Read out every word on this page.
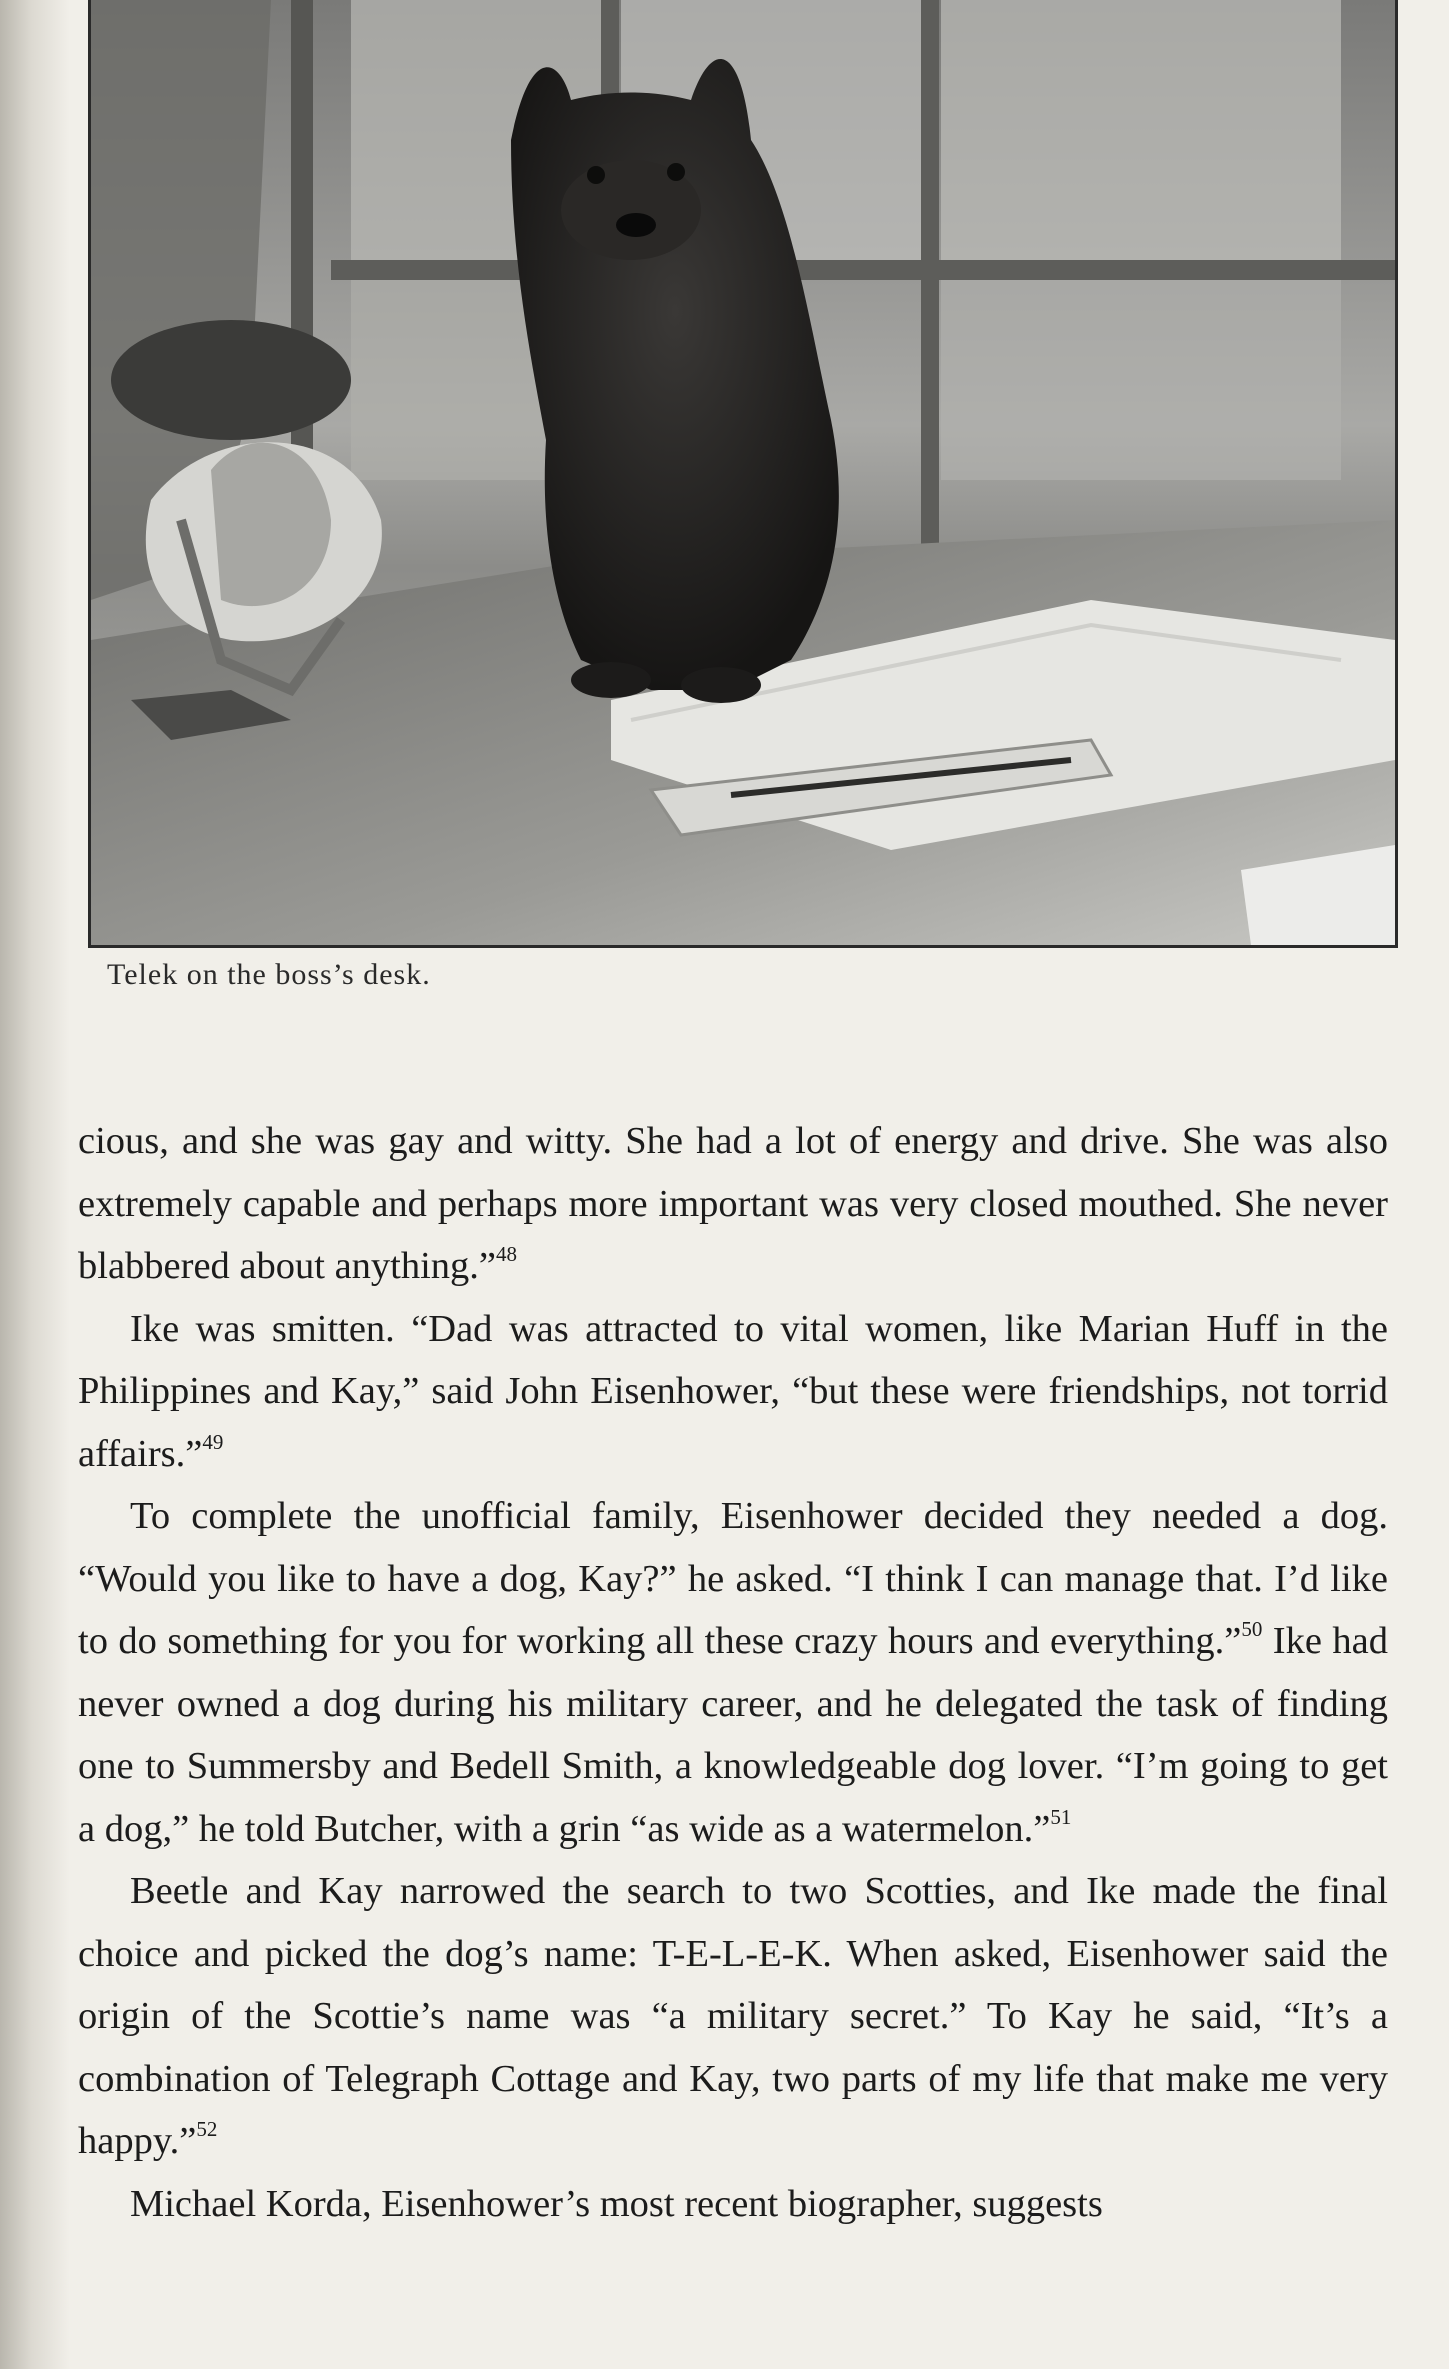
Telek on the boss’s desk.

cious, and she was gay and witty. She had a lot of energy and drive. She was also extremely capable and perhaps more important was very closed mouthed. She never blabbered about anything.”$^{48}$

Ike was smitten. “Dad was attracted to vital women, like Marian Huff in the Philippines and Kay,” said John Eisenhower, “but these were friendships, not torrid affairs.”$^{49}$

To complete the unofficial family, Eisenhower decided they needed a dog. “Would you like to have a dog, Kay?” he asked. “I think I can manage that. I’d like to do something for you for working all these crazy hours and everything.”$^{50}$ Ike had never owned a dog during his military career, and he delegated the task of finding one to Summersby and Bedell Smith, a knowledgeable dog lover. “I’m going to get a dog,” he told Butcher, with a grin “as wide as a watermelon.”$^{51}$

Beetle and Kay narrowed the search to two Scotties, and Ike made the final choice and picked the dog’s name: T-E-L-E-K. When asked, Eisenhower said the origin of the Scottie’s name was “a military secret.” To Kay he said, “It’s a combination of Telegraph Cottage and Kay, two parts of my life that make me very happy.”$^{52}$

Michael Korda, Eisenhower’s most recent biographer, suggests
